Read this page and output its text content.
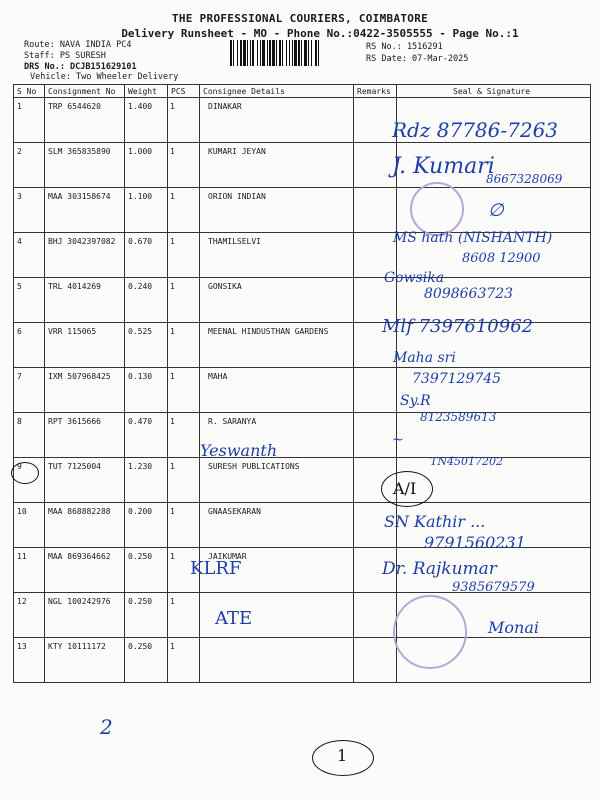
THE PROFESSIONAL COURIERS, COIMBATORE
Delivery Runsheet - MO - Phone No.:0422-3505555 - Page No.:1
Route: NAVA INDIA PC4
Staff: PS SURESH
DRS No.: DCJB151629101
Vehicle: Two Wheeler Delivery
RS No.: 1516291
RS Date: 07-Mar-2025
S No	Consignment No	Weight	PCS	Consignee Details	Remarks	Seal & Signature
1	TRP 6544620	1.400	1	DINAKAR		
2	SLM 365835890	1.000	1	KUMARI JEYAN		
3	MAA 303158674	1.100	1	ORION INDIAN		
4	BHJ 3042397082	0.670	1	THAMILSELVI		
5	TRL 4014269	0.240	1	GONSIKA		
6	VRR 115065	0.525	1	MEENAL HINDUSTHAN GARDENS		
7	IXM 507968425	0.130	1	MAHA		
8	RPT 3615666	0.470	1	R. SARANYA		
9	TUT 7125004	1.230	1	SURESH PUBLICATIONS		
10	MAA 868882288	0.200	1	GNAASEKARAN		
11	MAA 869364662	0.250	1	JAIKUMAR		
12	NGL 100242976	0.250	1			
13	KTY 10111172	0.250	1			
Rdz 87786-7263
J. Kumari
8667328069
∅
MS hath (NISHANTH)
8608 12900
Gowsika
8098663723
Mlf 7397610962
Maha sri
7397129745
Sy.R
8123589613
~
TN45017202
Yeswanth
A/I
SN Kathir ...
9791560231
KLRF	Dr. Rajkumar
9385679579
ATE	Monai
2
1
